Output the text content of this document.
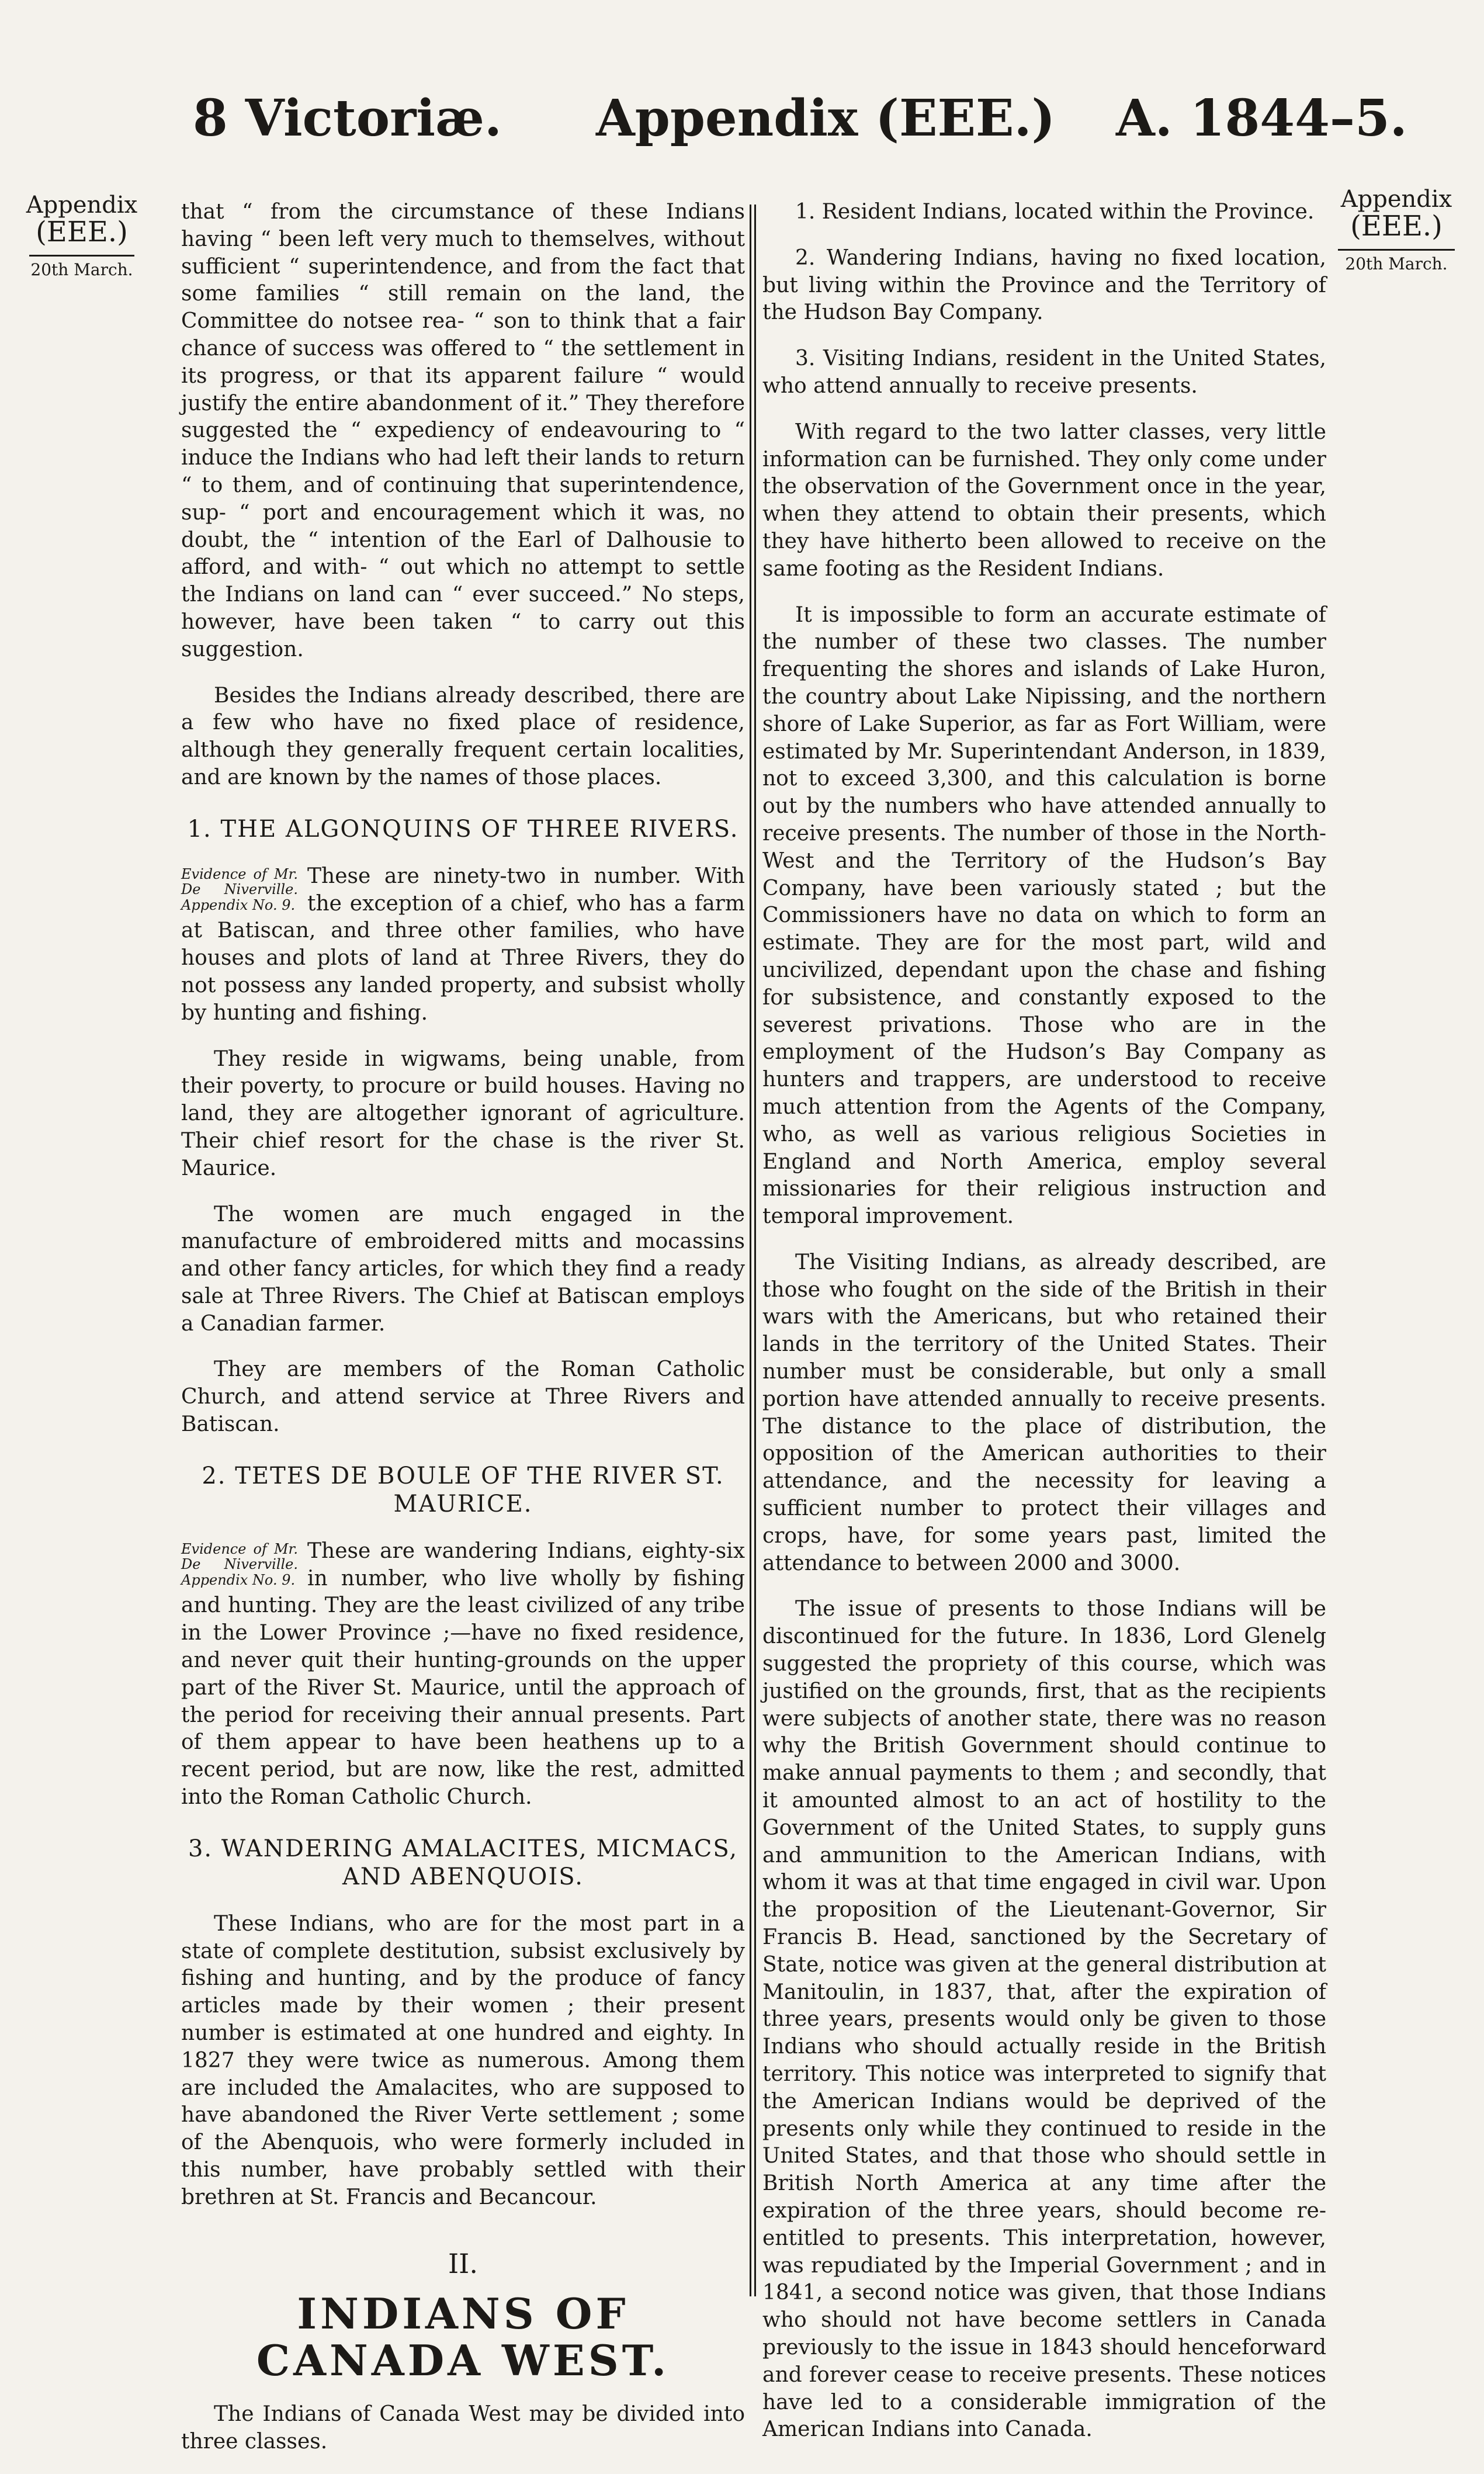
8 Victoriæ. Appendix (EEE.) A. 1844–5.
Appendix
(EEE.)
20th March.
Appendix
(EEE.)
20th March.

that “ from the circumstance of these Indians having “ been left very much to themselves, without sufficient “ superintendence, and from the fact that some families “ still remain on the land, the Committee do notsee rea- “ son to think that a fair chance of success was offered to “ the settlement in its progress, or that its apparent failure “ would justify the entire abandonment of it.” They therefore suggested the “ expediency of endeavouring to “ induce the Indians who had left their lands to return “ to them, and of continuing that superintendence, sup- “ port and encouragement which it was, no doubt, the “ intention of the Earl of Dalhousie to afford, and with- “ out which no attempt to settle the Indians on land can “ ever succeed.” No steps, however, have been taken “ to carry out this suggestion.

Besides the Indians already described, there are a few who have no fixed place of residence, although they generally frequent certain localities, and are known by the names of those places.

1. THE ALGONQUINS OF THREE RIVERS.

Evidence of Mr. De Niverville. Appendix No. 9.
These are ninety-two in number. With the exception of a chief, who has a farm at Batiscan, and three other families, who have houses and plots of land at Three Rivers, they do not possess any landed property, and subsist wholly by hunting and fishing.

They reside in wigwams, being unable, from their poverty, to procure or build houses. Having no land, they are altogether ignorant of agriculture. Their chief resort for the chase is the river St. Maurice.

The women are much engaged in the manufacture of embroidered mitts and mocassins and other fancy articles, for which they find a ready sale at Three Rivers. The Chief at Batiscan employs a Canadian farmer.

They are members of the Roman Catholic Church, and attend service at Three Rivers and Batiscan.

2. TETES DE BOULE OF THE RIVER ST. MAURICE.

Evidence of Mr. De Niverville. Appendix No. 9.
These are wandering Indians, eighty-six in number, who live wholly by fishing and hunting. They are the least civilized of any tribe in the Lower Province ;—have no fixed residence, and never quit their hunting-grounds on the upper part of the River St. Maurice, until the approach of the period for receiving their annual presents. Part of them appear to have been heathens up to a recent period, but are now, like the rest, admitted into the Roman Catholic Church.

3. WANDERING AMALACITES, MICMACS, AND ABENQUOIS.

These Indians, who are for the most part in a state of complete destitution, subsist exclusively by fishing and hunting, and by the produce of fancy articles made by their women ; their present number is estimated at one hundred and eighty. In 1827 they were twice as numerous. Among them are included the Amalacites, who are supposed to have abandoned the River Verte settlement ; some of the Abenquois, who were formerly included in this number, have probably settled with their brethren at St. Francis and Becancour.

II.
INDIANS OF CANADA WEST.

The Indians of Canada West may be divided into three classes.

1. Resident Indians, located within the Province.

2. Wandering Indians, having no fixed location, but living within the Province and the Territory of the Hudson Bay Company.

3. Visiting Indians, resident in the United States, who attend annually to receive presents.

With regard to the two latter classes, very little information can be furnished. They only come under the observation of the Government once in the year, when they attend to obtain their presents, which they have hitherto been allowed to receive on the same footing as the Resident Indians.

It is impossible to form an accurate estimate of the number of these two classes. The number frequenting the shores and islands of Lake Huron, the country about Lake Nipissing, and the northern shore of Lake Superior, as far as Fort William, were estimated by Mr. Superintendant Anderson, in 1839, not to exceed 3,300, and this calculation is borne out by the numbers who have attended annually to receive presents. The number of those in the North-West and the Territory of the Hudson’s Bay Company, have been variously stated ; but the Commissioners have no data on which to form an estimate. They are for the most part, wild and uncivilized, dependant upon the chase and fishing for subsistence, and constantly exposed to the severest privations. Those who are in the employment of the Hudson’s Bay Company as hunters and trappers, are understood to receive much attention from the Agents of the Company, who, as well as various religious Societies in England and North America, employ several missionaries for their religious instruction and temporal improvement.

The Visiting Indians, as already described, are those who fought on the side of the British in their wars with the Americans, but who retained their lands in the territory of the United States. Their number must be considerable, but only a small portion have attended annually to receive presents. The distance to the place of distribution, the opposition of the American authorities to their attendance, and the necessity for leaving a sufficient number to protect their villages and crops, have, for some years past, limited the attendance to between 2000 and 3000.

The issue of presents to those Indians will be discontinued for the future. In 1836, Lord Glenelg suggested the propriety of this course, which was justified on the grounds, first, that as the recipients were subjects of another state, there was no reason why the British Government should continue to make annual payments to them ; and secondly, that it amounted almost to an act of hostility to the Government of the United States, to supply guns and ammunition to the American Indians, with whom it was at that time engaged in civil war. Upon the proposition of the Lieutenant-Governor, Sir Francis B. Head, sanctioned by the Secretary of State, notice was given at the general distribution at Manitoulin, in 1837, that, after the expiration of three years, presents would only be given to those Indians who should actually reside in the British territory. This notice was interpreted to signify that the American Indians would be deprived of the presents only while they continued to reside in the United States, and that those who should settle in British North America at any time after the expiration of the three years, should become re-entitled to presents. This interpretation, however, was repudiated by the Imperial Government ; and in 1841, a second notice was given, that those Indians who should not have become settlers in Canada previously to the issue in 1843 should henceforward and forever cease to receive presents. These notices have led to a considerable immigration of the American Indians into Canada.
